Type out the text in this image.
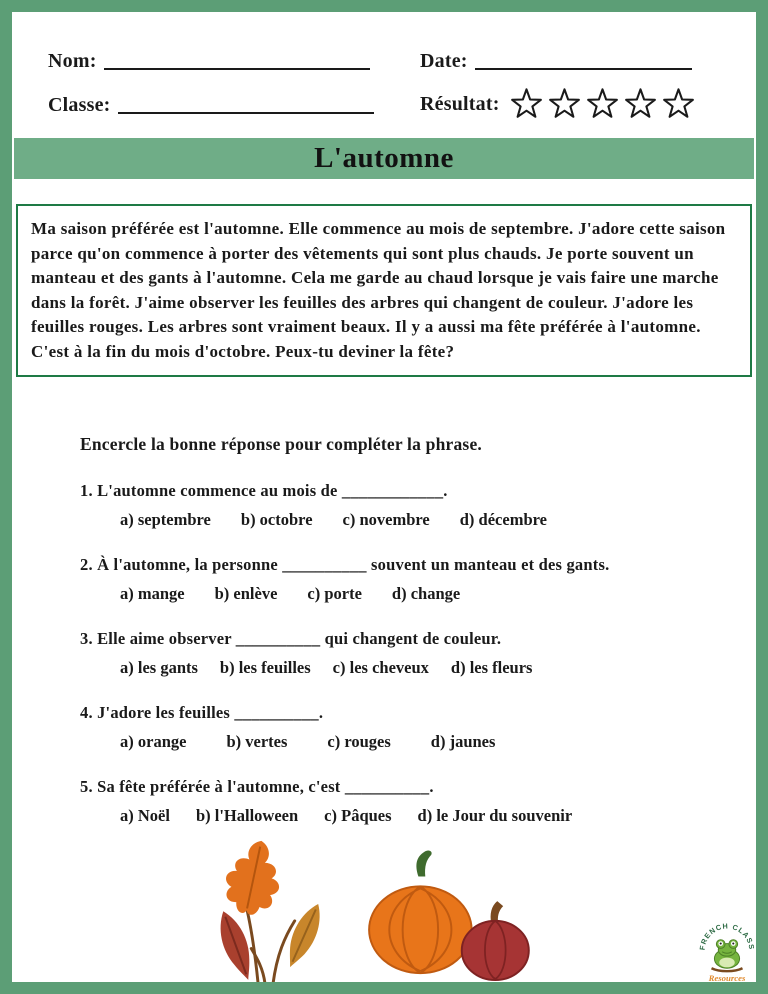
Nom:	Date:
Classe:	Résultat:
L'automne
Ma saison préférée est l'automne. Elle commence au mois de septembre. J'adore cette saison parce qu'on commence à porter des vêtements qui sont plus chauds. Je porte souvent un manteau et des gants à l'automne. Cela me garde au chaud lorsque je vais faire une marche dans la forêt. J'aime observer les feuilles des arbres qui changent de couleur. J'adore les feuilles rouges. Les arbres sont vraiment beaux. Il y a aussi ma fête préférée à l'automne. C'est à la fin du mois d'octobre. Peux-tu deviner la fête?
Encercle la bonne réponse pour compléter la phrase.
1. L'automne commence au mois de ____________.
a) septembre b) octobre c) novembre d) décembre
2. À l'automne, la personne __________ souvent un manteau et des gants.
a) mange b) enlève c) porte d) change
3. Elle aime observer __________ qui changent de couleur.
a) les gants b) les feuilles c) les cheveux d) les fleurs
4. J'adore les feuilles __________.
a) orange b) vertes c) rouges d) jaunes
5. Sa fête préférée à l'automne, c'est __________.
a) Noël b) l'Halloween c) Pâques d) le Jour du souvenir
FRENCH CLASS
Resources
